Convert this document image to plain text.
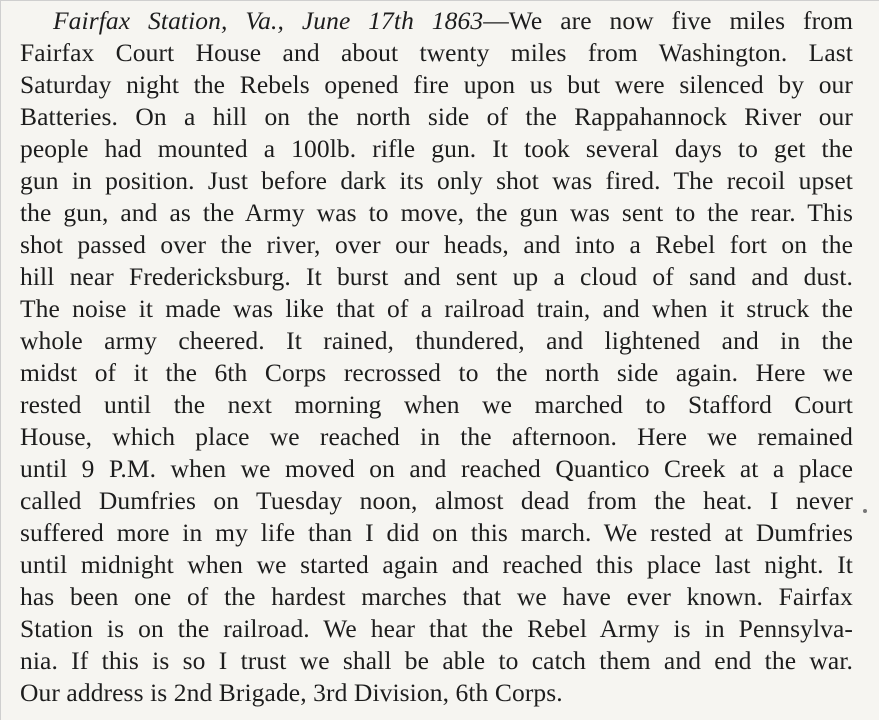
Fairfax Station, Va., June 17th 1863—We are now five miles from
Fairfax Court House and about twenty miles from Washington. Last
Saturday night the Rebels opened fire upon us but were silenced by our
Batteries. On a hill on the north side of the Rappahannock River our
people had mounted a 100lb. rifle gun. It took several days to get the
gun in position. Just before dark its only shot was fired. The recoil upset
the gun, and as the Army was to move, the gun was sent to the rear. This
shot passed over the river, over our heads, and into a Rebel fort on the
hill near Fredericksburg. It burst and sent up a cloud of sand and dust.
The noise it made was like that of a railroad train, and when it struck the
whole army cheered. It rained, thundered, and lightened and in the
midst of it the 6th Corps recrossed to the north side again. Here we
rested until the next morning when we marched to Stafford Court
House, which place we reached in the afternoon. Here we remained
until 9 P.M. when we moved on and reached Quantico Creek at a place
called Dumfries on Tuesday noon, almost dead from the heat. I never
suffered more in my life than I did on this march. We rested at Dumfries
until midnight when we started again and reached this place last night. It
has been one of the hardest marches that we have ever known. Fairfax
Station is on the railroad. We hear that the Rebel Army is in Pennsylva-
nia. If this is so I trust we shall be able to catch them and end the war.
Our address is 2nd Brigade, 3rd Division, 6th Corps.
